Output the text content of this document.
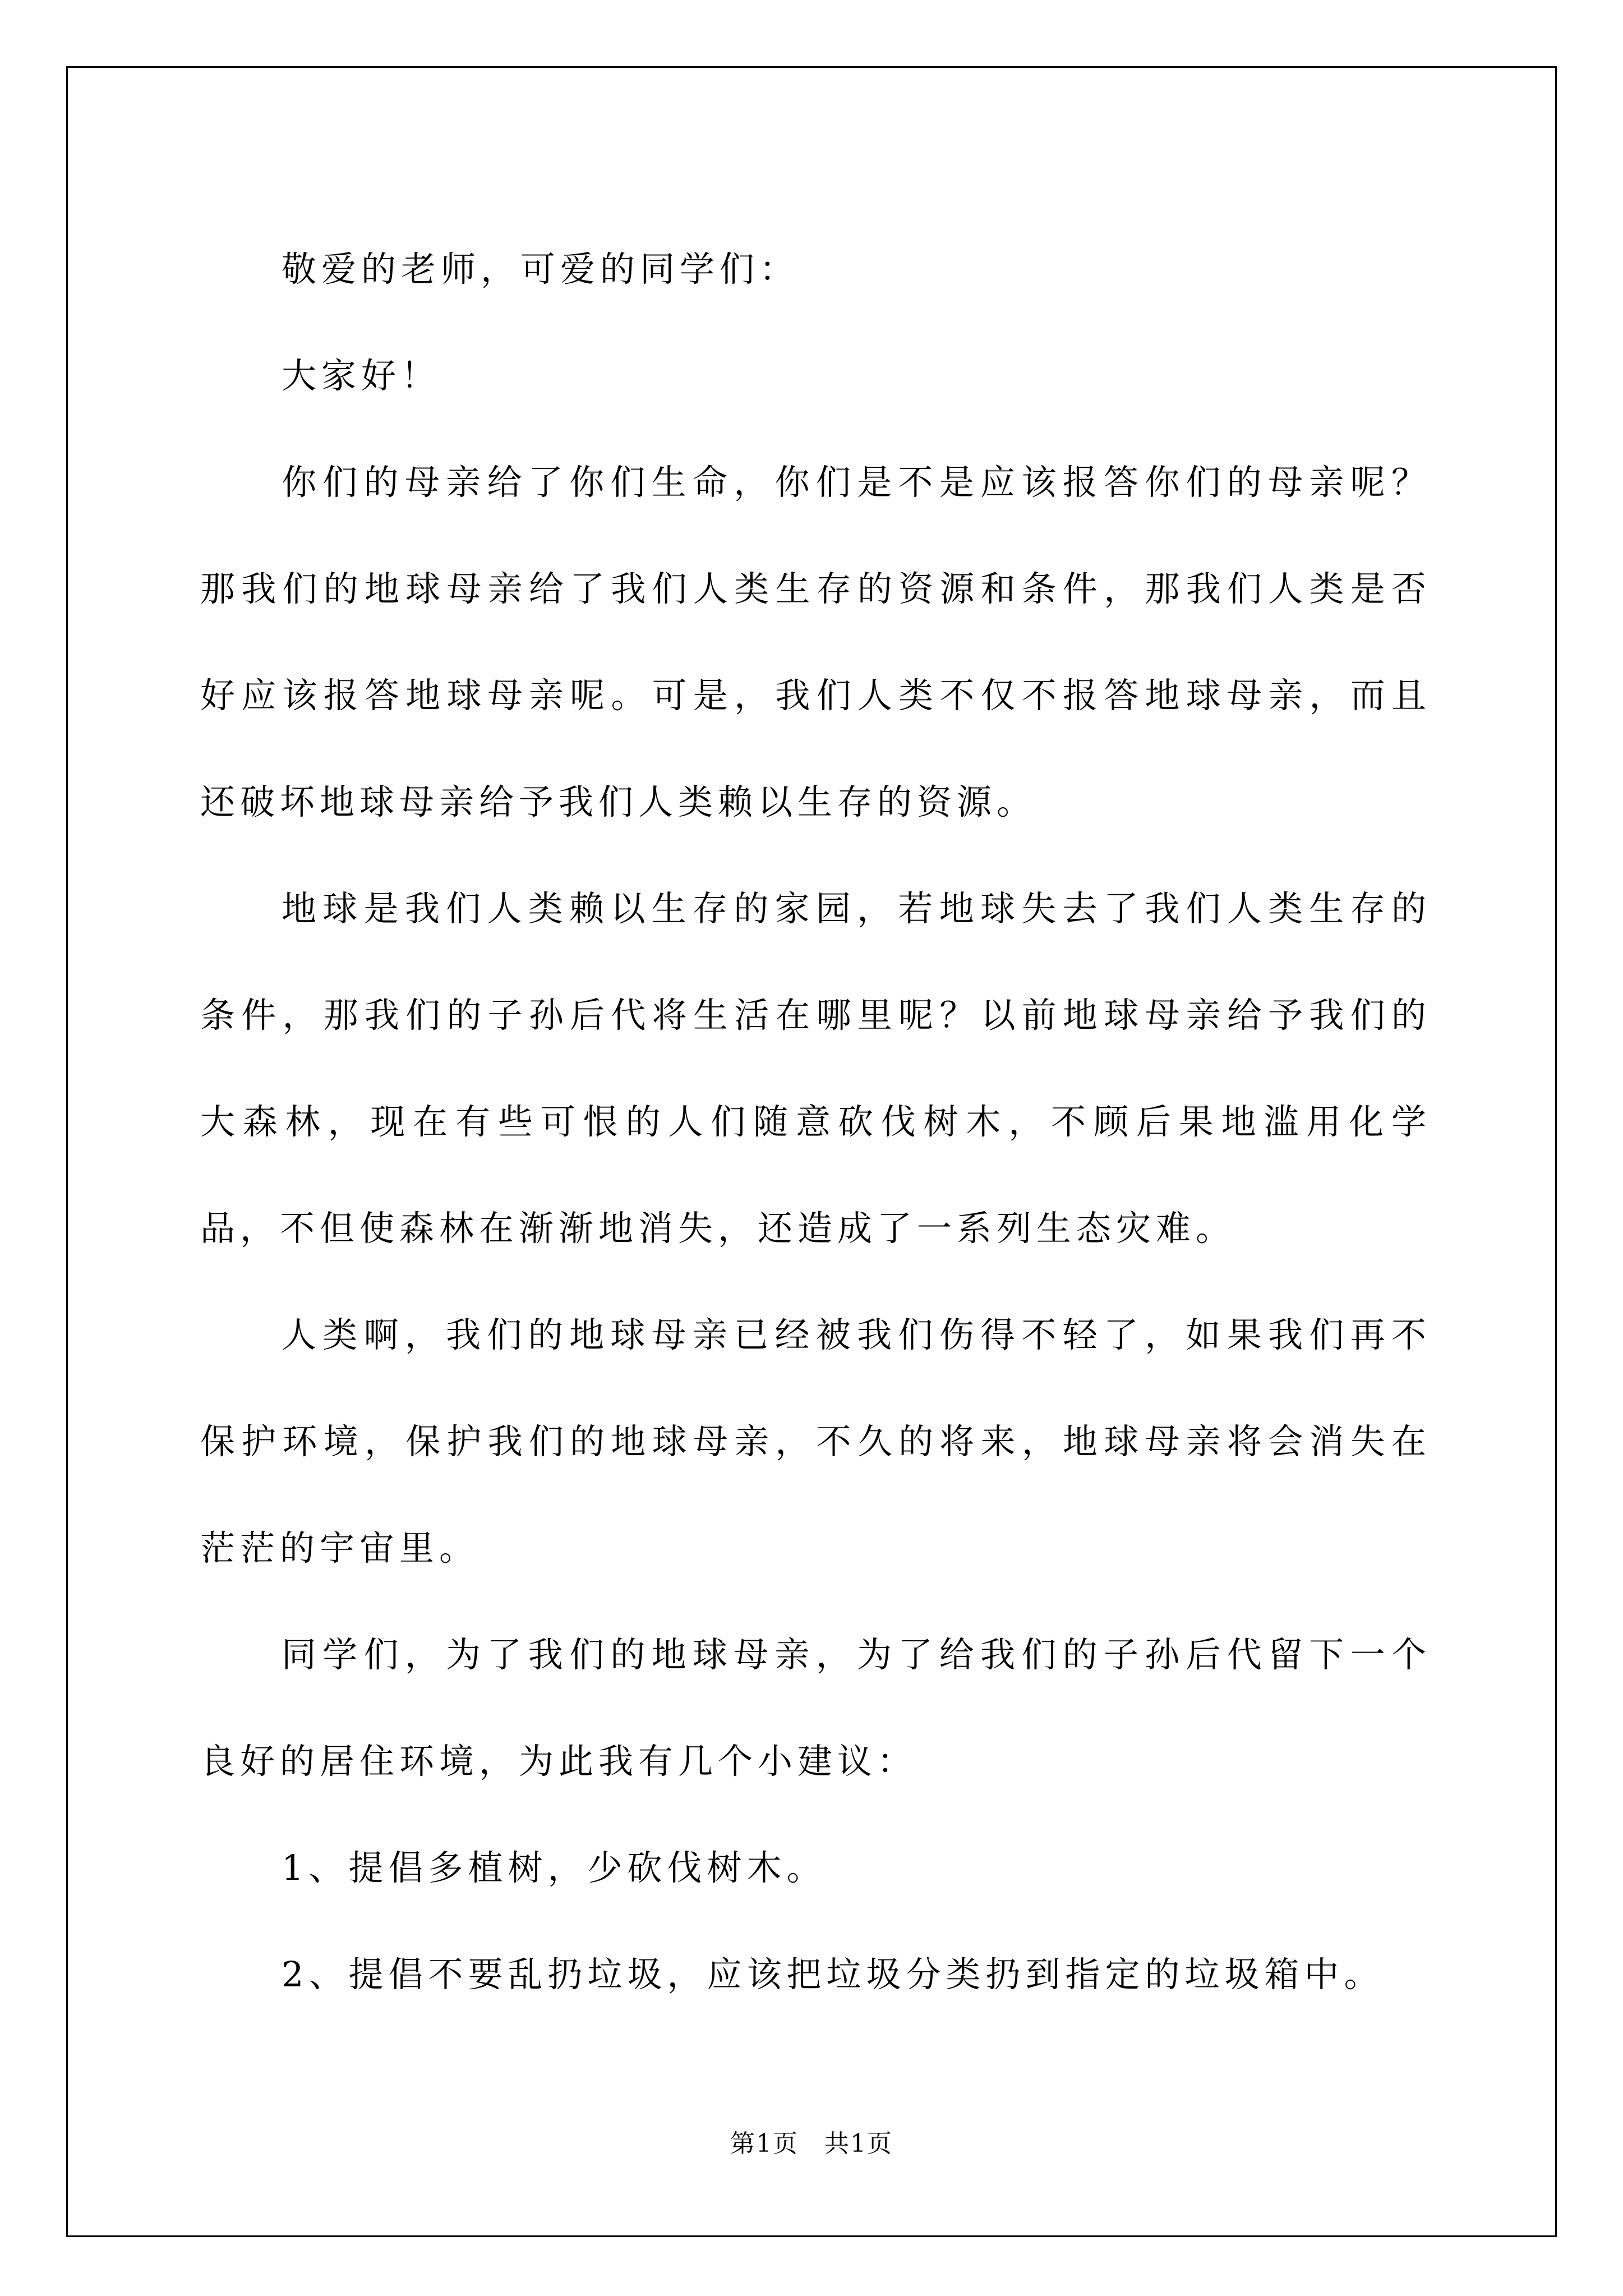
敬爱的老师，可爱的同学们：

大家好！

你们的母亲给了你们生命，你们是不是应该报答你们的母亲呢？那我们的地球母亲给了我们人类生存的资源和条件，那我们人类是否好应该报答地球母亲呢。可是，我们人类不仅不报答地球母亲，而且还破坏地球母亲给予我们人类赖以生存的资源。

地球是我们人类赖以生存的家园，若地球失去了我们人类生存的条件，那我们的子孙后代将生活在哪里呢？以前地球母亲给予我们的大森林，现在有些可恨的人们随意砍伐树木，不顾后果地滥用化学品，不但使森林在渐渐地消失，还造成了一系列生态灾难。

人类啊，我们的地球母亲已经被我们伤得不轻了，如果我们再不保护环境，保护我们的地球母亲，不久的将来，地球母亲将会消失在茫茫的宇宙里。

同学们，为了我们的地球母亲，为了给我们的子孙后代留下一个良好的居住环境，为此我有几个小建议：

1、提倡多植树，少砍伐树木。

2、提倡不要乱扔垃圾，应该把垃圾分类扔到指定的垃圾箱中。

第1页　共1页
